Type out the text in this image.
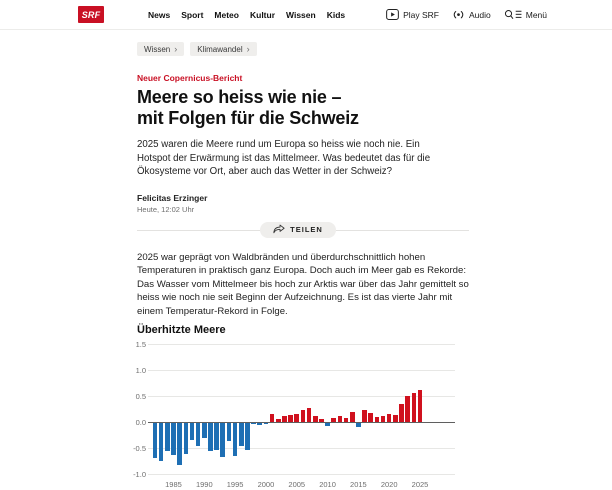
SRF	News Sport Meteo Kultur Wissen Kids	Play SRF	Audio	Menü
Wissen ›	Klimawandel ›
Neuer Copernicus-Bericht
Meere so heiss wie nie –
mit Folgen für die Schweiz

2025 waren die Meere rund um Europa so heiss wie noch nie. Ein Hotspot der Erwärmung ist das Mittelmeer. Was bedeutet das für die Ökosysteme vor Ort, aber auch das Wetter in der Schweiz?

Felicitas Erzinger
Heute, 12:02 Uhr
TEILEN

2025 war geprägt von Waldbränden und überdurchschnittlich hohen Temperaturen in praktisch ganz Europa. Doch auch im Meer gab es Rekorde: Das Wasser vom Mittelmeer bis hoch zur Arktis war über das Jahr gemittelt so heiss wie noch nie seit Beginn der Aufzeichnung. Es ist das vierte Jahr mit einem Temperatur-Rekord in Folge.

Überhitzte Meere
1.5
1.0
0.5
0.0
-0.5
-1.0
1985	1990	1995	2000	2005	2010	2015	2020	2025
